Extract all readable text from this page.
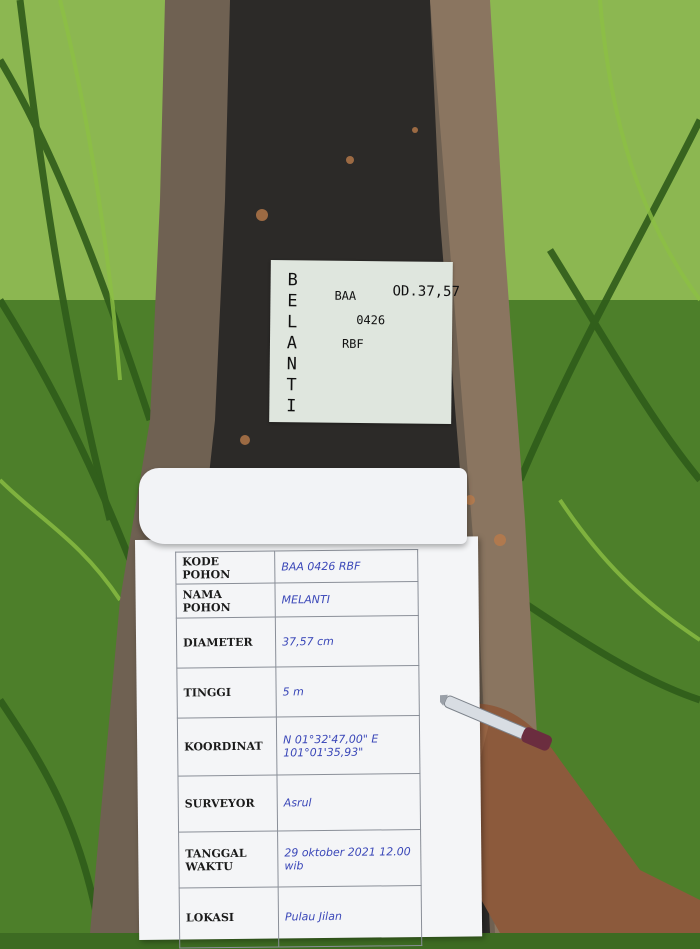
BELANTI
BAA	OD.37,57
0426
RBF
KODE POHON	BAA 0426 RBF
NAMA POHON	MELANTI
DIAMETER	37,57 cm
TINGGI	5 m
KOORDINAT	N 01°32'47,00" E 101°01'35,93"
SURVEYOR	Asrul
TANGGAL WAKTU	29 oktober 2021 12.00 wib
LOKASI	Pulau Jilan
